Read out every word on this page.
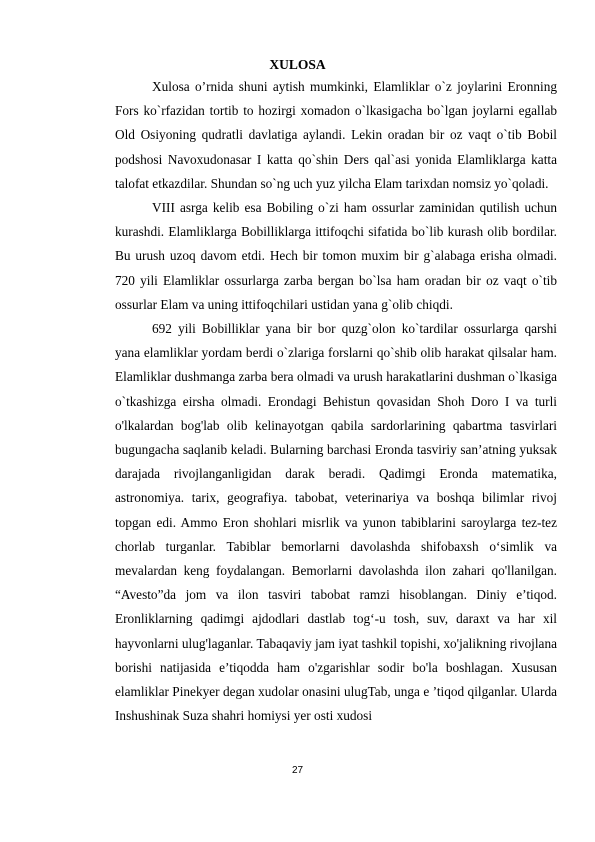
XULOSA

Xulosa o’rnida shuni aytish mumkinki, Elamliklar o`z joylarini Eronning Fors ko`rfazidan tortib to hozirgi xomadon o`lkasigacha bo`lgan joylarni egallab Old Osiyoning qudratli davlatiga aylandi. Lekin oradan bir oz vaqt o`tib Bobil podshosi Navoxudonasar I katta qo`shin Ders qal`asi yonida Elamliklarga katta talofat etkazdilar. Shundan so`ng uch yuz yilcha Elam tarixdan nomsiz yo`qoladi.

VIII asrga kelib esa Bobiling o`zi ham ossurlar zaminidan qutilish uchun kurashdi. Elamliklarga Bobilliklarga ittifoqchi sifatida bo`lib kurash olib bordilar. Bu urush uzoq davom etdi. Hech bir tomon muxim bir g`alabaga erisha olmadi. 720 yili Elamliklar ossurlarga zarba bergan bo`lsa ham oradan bir oz vaqt o`tib ossurlar Elam va uning ittifoqchilari ustidan yana g`olib chiqdi.

692 yili Bobilliklar yana bir bor quzg`olon ko`tardilar ossurlarga qarshi yana elamliklar yordam berdi o`zlariga forslarni qo`shib olib harakat qilsalar ham. Elamliklar dushmanga zarba bera olmadi va urush harakatlarini dushman o`lkasiga o`tkashizga eirsha olmadi. Erondagi Behistun qovasidan Shoh Doro I va turli o'lkalardan bog'lab olib kelinayotgan qabila sardorlarining qabartma tasvirlari bugungacha saqlanib keladi. Bularning barchasi Eronda tasviriy san’atning yuksak darajada rivojlanganligidan darak beradi. Qadimgi Eronda matematika, astronomiya. tarix, geografiya. tabobat, veterinariya va boshqa bilimlar rivoj topgan edi. Ammo Eron shohlari misrlik va yunon tabiblarini saroylarga tez-tez chorlab turganlar. Tabiblar bemorlarni davolashda shifobaxsh o‘simlik va mevalardan keng foydalangan. Bemorlarni davolashda ilon zahari qo'llanilgan. “Avesto”da jom va ilon tasviri tabobat ramzi hisoblangan. Diniy e’tiqod. Eronliklarning qadimgi ajdodlari dastlab tog‘-u tosh, suv, daraxt va har xil hayvonlarni ulug'laganlar. Tabaqaviy jam iyat tashkil topishi, xo'jalikning rivojlana borishi natijasida e’tiqodda ham o'zgarishlar sodir bo'la boshlagan. Xususan elamliklar Pinekyer degan xudolar onasini ulugTab, unga e ’tiqod qilganlar. Ularda Inshushinak Suza shahri homiysi yer osti xudosi

27
